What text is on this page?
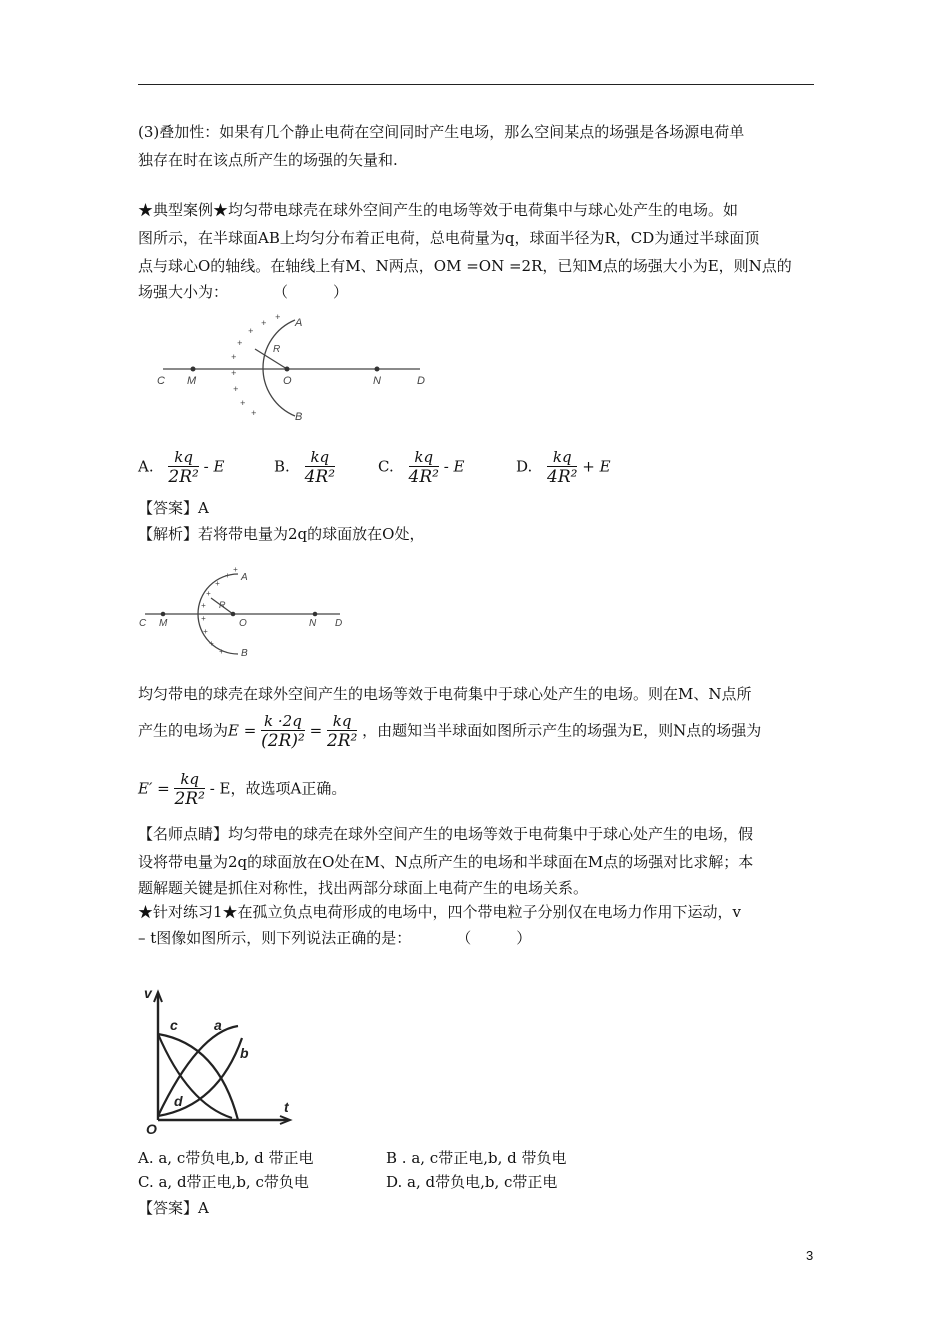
(3)叠加性：如果有几个静止电荷在空间同时产生电场，那么空间某点的场强是各场源电荷单

独存在时在该点所产生的场强的矢量和.

★典型案例★均匀带电球壳在球外空间产生的电场等效于电荷集中与球心处产生的电场。如

图所示，在半球面AB上均匀分布着正电荷，总电荷量为q，球面半径为R，CD为通过半球面顶

点与球心O的轴线。在轴线上有M、N两点，OM =ON =2R，已知M点的场强大小为E，则N点的

场强大小为：　　　　（　　　）

A
B
C	D
M	N
O
R
+
+
+
+
+
+
+
+
+
A. $\frac{kq}{\text{2R²}}$ - E	B. $\frac{kq}{\text{4R²}}$	C. $\frac{kq}{\text{4R²}}$ - E	D. $\frac{kq}{\text{4R²}} + E$

【答案】A

【解析】若将带电量为2q的球面放在O处，

A
B
C	D
M	N
O
R
+
+
+
+
+
+
+
+
+

均匀带电的球壳在球外空间产生的电场等效于电荷集中于球心处产生的电场。则在M、N点所

产生的电场为$E = \frac{k \cdot 2q}{\text{(2R)²}} = \frac{kq}{\text{2R²}}$ ，由题知当半球面如图所示产生的场强为E，则N点的场强为
$E' = \frac{kq}{\text{2R²}} - E$，故选项A正确。

【名师点睛】均匀带电的球壳在球外空间产生的电场等效于电荷集中于球心处产生的电场，假

设将带电量为2q的球面放在O处在M、N点所产生的电场和半球面在M点的场强对比求解；本

题解题关键是抓住对称性，找出两部分球面上电荷产生的电场关系。

★针对练习1★在孤立负点电荷形成的电场中，四个带电粒子分别仅在电场力作用下运动，v

– t图像如图所示，则下列说法正确的是：　　　　（　　　）

v
t
O
a
b
c
d

A. a, c带负电,b, d 带正电	B . a, c带正电,b, d 带负电

C. a, d带正电,b, c带负电	D. a, d带负电,b, c带正电

【答案】A

3
